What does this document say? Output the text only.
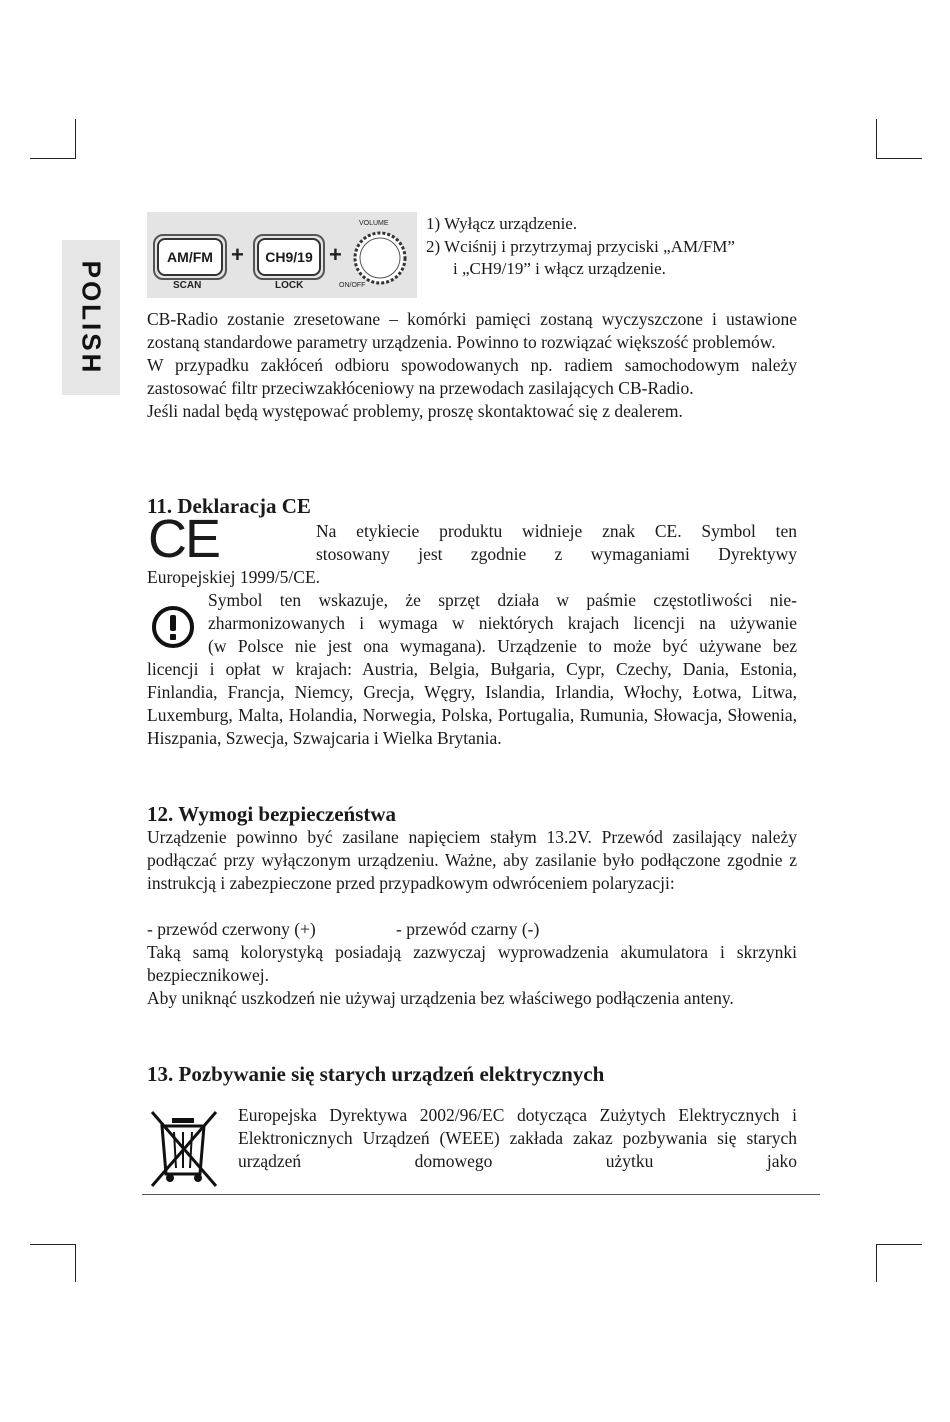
POLISH
AM/FM
SCAN
+ CH9/19
LOCK
+
VOLUME
ON/OFF
1) Wyłącz urządzenie.
2) Wciśnij i przytrzymaj przyciski „AM/FM”
i „CH9/19” i włącz urządzenie.

CB-Radio zostanie zresetowane – komórki pamięci zostaną wyczyszczone i ustawione zostaną standardowe parametry urządzenia. Powinno to rozwiązać większość problemów.

W przypadku zakłóceń odbioru spowodowanych np. radiem samochodowym należy zastosować filtr przeciwzakłóceniowy na przewodach zasilających CB-Radio.

Jeśli nadal będą występować problemy, proszę skontaktować się z dealerem.

11. Deklaracja CE
CE	Na etykiecie produktu widnieje znak CE. Symbol ten

stosowany jest zgodnie z wymaganiami Dyrektywy

Europejskiej 1999/5/CE.

Symbol ten wskazuje, że sprzęt działa w paśmie częstotliwości nie-

zharmonizowanych i wymaga w niektórych krajach licencji na używanie

(w Polsce nie jest ona wymagana). Urządzenie to może być używane bez

licencji i opłat w krajach: Austria, Belgia, Bułgaria, Cypr, Czechy, Dania, Estonia, Finlandia, Francja, Niemcy, Grecja, Węgry, Islandia, Irlandia, Włochy, Łotwa, Litwa, Luxemburg, Malta, Holandia, Norwegia, Polska, Portugalia, Rumunia, Słowacja, Słowenia, Hiszpania, Szwecja, Szwajcaria i Wielka Brytania.
12. Wymogi bezpieczeństwa
Urządzenie powinno być zasilane napięciem stałym 13.2V. Przewód zasilający należy podłączać przy wyłączonym urządzeniu. Ważne, aby zasilanie było podłączone zgodnie z instrukcją i zabezpieczone przed przypadkowym odwróceniem polaryzacji:
- przewód czerwony (+)	- przewód czarny (-)

Taką samą kolorystyką posiadają zazwyczaj wyprowadzenia akumulatora i skrzynki bezpiecznikowej.

Aby uniknąć uszkodzeń nie używaj urządzenia bez właściwego podłączenia anteny.

13. Pozbywanie się starych urządzeń elektrycznych
Europejska Dyrektywa 2002/96/EC dotycząca Zużytych Elektrycznych i Elektronicznych Urządzeń (WEEE) zakłada zakaz pozbywania się starych urządzeń domowego użytku jako
